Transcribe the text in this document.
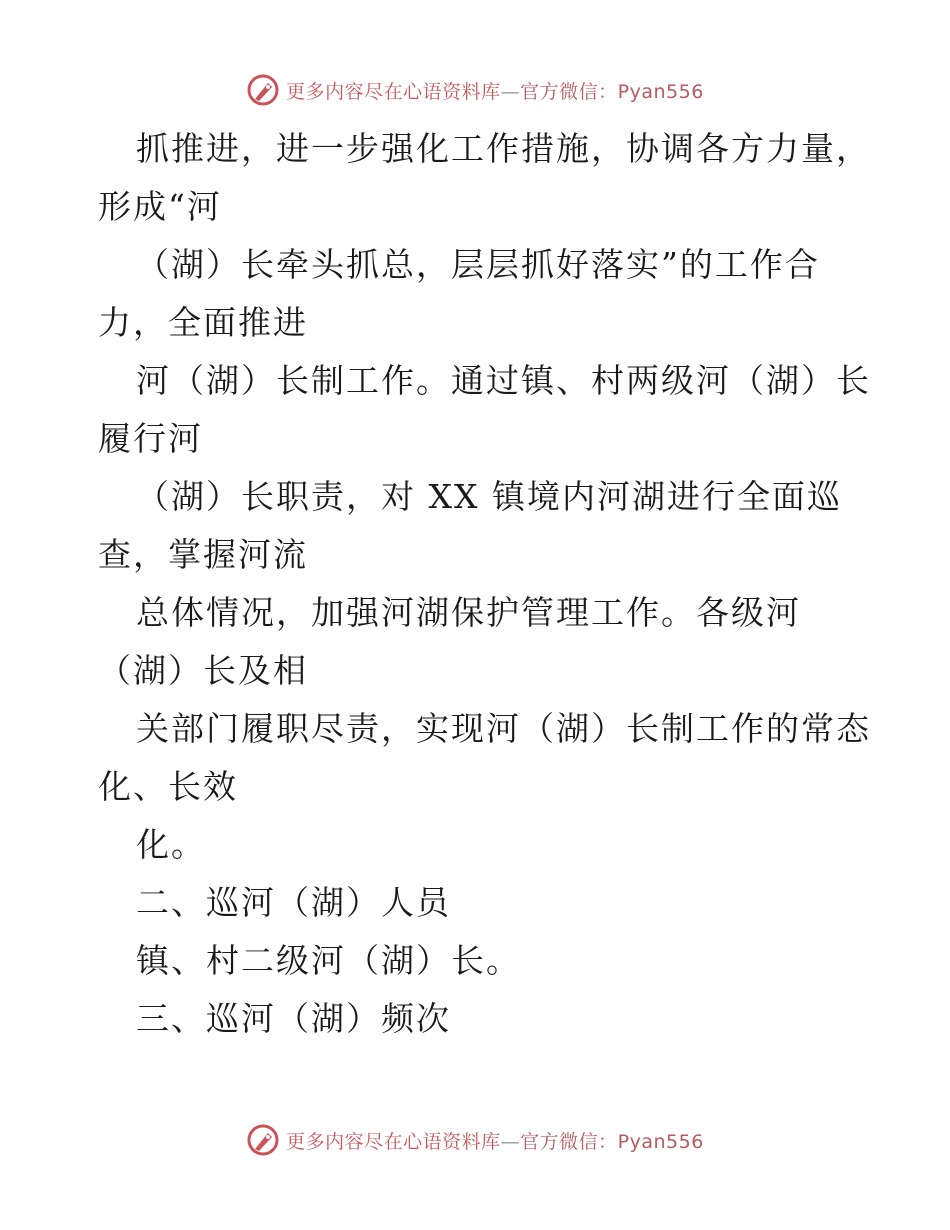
更多内容尽在心语资料库—官方微信：Pyan556
抓推进，进一步强化工作措施，协调各方力量，
形成“河
（湖）长牵头抓总，层层抓好落实”的工作合
力，全面推进
河（湖）长制工作。通过镇、村两级河（湖）长
履行河
（湖）长职责，对 XX 镇境内河湖进行全面巡
查，掌握河流
总体情况，加强河湖保护管理工作。各级河
（湖）长及相
关部门履职尽责，实现河（湖）长制工作的常态
化、长效
化。
二、巡河（湖）人员
镇、村二级河（湖）长。
三、巡河（湖）频次
更多内容尽在心语资料库—官方微信：Pyan556
